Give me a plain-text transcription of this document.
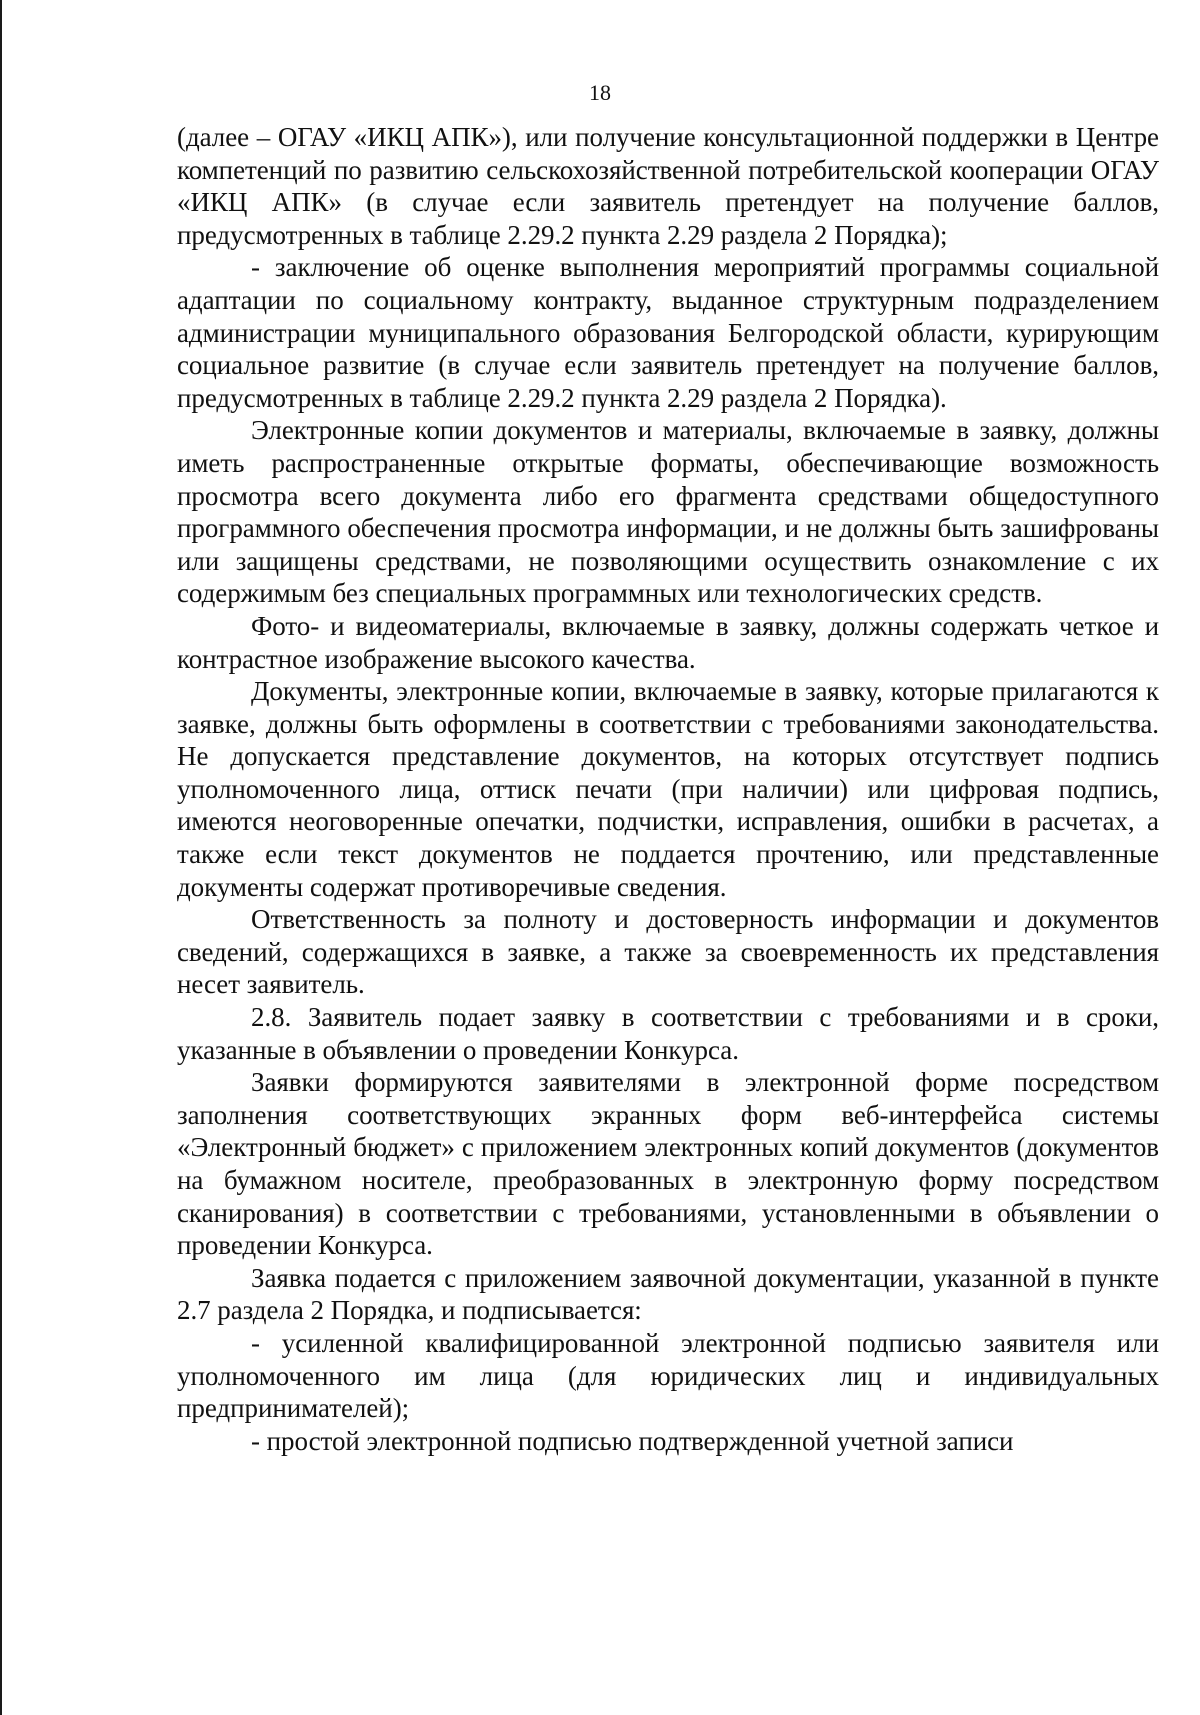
18

(далее – ОГАУ «ИКЦ АПК»), или получение консультационной поддержки в Центре компетенций по развитию сельскохозяйственной потребительской кооперации ОГАУ «ИКЦ АПК» (в случае если заявитель претендует на получение баллов, предусмотренных в таблице 2.29.2 пункта 2.29 раздела 2 Порядка);

- заключение об оценке выполнения мероприятий программы социальной адаптации по социальному контракту, выданное структурным подразделением администрации муниципального образования Белгородской области, курирующим социальное развитие (в случае если заявитель претендует на получение баллов, предусмотренных в таблице 2.29.2 пункта 2.29 раздела 2 Порядка).

Электронные копии документов и материалы, включаемые в заявку, должны иметь распространенные открытые форматы, обеспечивающие возможность просмотра всего документа либо его фрагмента средствами общедоступного программного обеспечения просмотра информации, и не должны быть зашифрованы или защищены средствами, не позволяющими осуществить ознакомление с их содержимым без специальных программных или технологических средств.

Фото- и видеоматериалы, включаемые в заявку, должны содержать четкое и контрастное изображение высокого качества.

Документы, электронные копии, включаемые в заявку, которые прилагаются к заявке, должны быть оформлены в соответствии с требованиями законодательства. Не допускается представление документов, на которых отсутствует подпись уполномоченного лица, оттиск печати (при наличии) или цифровая подпись, имеются неоговоренные опечатки, подчистки, исправления, ошибки в расчетах, а также если текст документов не поддается прочтению, или представленные документы содержат противоречивые сведения.

Ответственность за полноту и достоверность информации и документов сведений, содержащихся в заявке, а также за своевременность их представления несет заявитель.

2.8. Заявитель подает заявку в соответствии с требованиями и в сроки, указанные в объявлении о проведении Конкурса.

Заявки формируются заявителями в электронной форме посредством заполнения соответствующих экранных форм веб-интерфейса системы «Электронный бюджет» с приложением электронных копий документов (документов на бумажном носителе, преобразованных в электронную форму посредством сканирования) в соответствии с требованиями, установленными в объявлении о проведении Конкурса.

Заявка подается с приложением заявочной документации, указанной в пункте 2.7 раздела 2 Порядка, и подписывается:

- усиленной квалифицированной электронной подписью заявителя или уполномоченного им лица (для юридических лиц и индивидуальных предпринимателей);

- простой электронной подписью подтвержденной учетной записи
